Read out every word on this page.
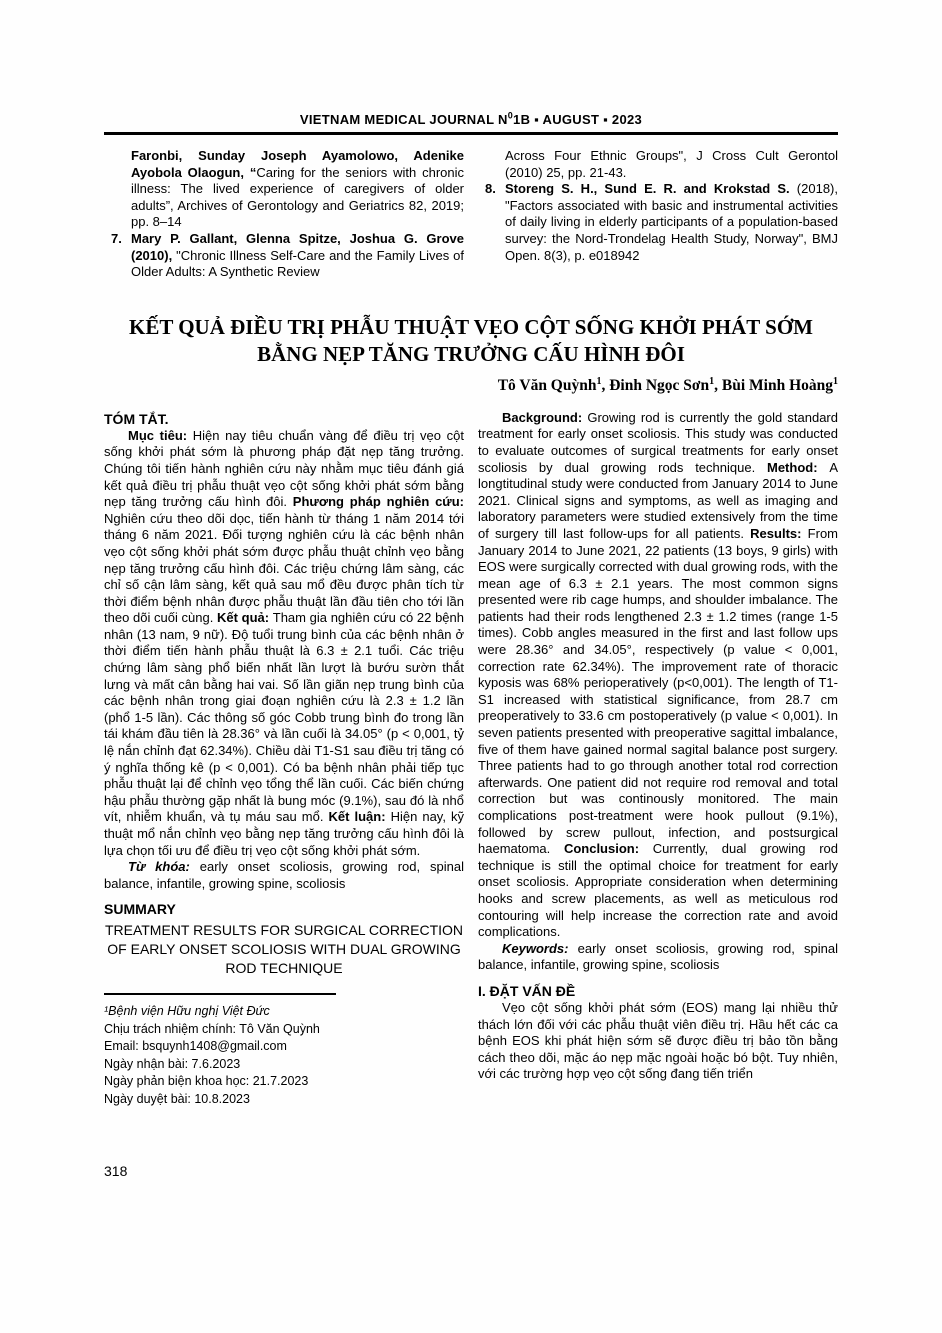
VIETNAM MEDICAL JOURNAL $N^01B$ ▪ AUGUST ▪ 2023
Faronbi, Sunday Joseph Ayamolowo, Adenike Ayobola Olaogun, “Caring for the seniors with chronic illness: The lived experience of caregivers of older adults”, Archives of Gerontology and Geriatrics 82, 2019; pp. 8–14
7. Mary P. Gallant, Glenna Spitze, Joshua G. Grove (2010), "Chronic Illness Self-Care and the Family Lives of Older Adults: A Synthetic Review
Across Four Ethnic Groups", J Cross Cult Gerontol (2010) 25, pp. 21-43.
8. Storeng S. H., Sund E. R. and Krokstad S. (2018), "Factors associated with basic and instrumental activities of daily living in elderly participants of a population-based survey: the Nord-Trondelag Health Study, Norway", BMJ Open. 8(3), p. e018942
KẾT QUẢ ĐIỀU TRỊ PHẪU THUẬT VẸO CỘT SỐNG KHỞI PHÁT SỚM
BẰNG NẸP TĂNG TRƯỞNG CẤU HÌNH ĐÔI
Tô Văn Quỳnh$^1$, Đinh Ngọc Sơn$^1$, Bùi Minh Hoàng$^1$
TÓM TẮT.
Mục tiêu: Hiện nay tiêu chuẩn vàng để điều trị vẹo cột sống khởi phát sớm là phương pháp đặt nẹp tăng trưởng. Chúng tôi tiến hành nghiên cứu này nhằm mục tiêu đánh giá kết quả điều trị phẫu thuật vẹo cột sống khởi phát sớm bằng nẹp tăng trưởng cấu hình đôi. Phương pháp nghiên cứu: Nghiên cứu theo dõi dọc, tiến hành từ tháng 1 năm 2014 tới tháng 6 năm 2021. Đối tượng nghiên cứu là các bệnh nhân vẹo cột sống khởi phát sớm được phẫu thuật chỉnh vẹo bằng nẹp tăng trưởng cấu hình đôi. Các triệu chứng lâm sàng, các chỉ số cận lâm sàng, kết quả sau mổ đều được phân tích từ thời điểm bệnh nhân được phẫu thuật lần đầu tiên cho tới lần theo dõi cuối cùng. Kết quả: Tham gia nghiên cứu có 22 bệnh nhân (13 nam, 9 nữ). Độ tuổi trung bình của các bệnh nhân ở thời điểm tiến hành phẫu thuật là 6.3 ± 2.1 tuổi. Các triệu chứng lâm sàng phổ biến nhất lần lượt là bướu sườn thắt lưng và mất cân bằng hai vai. Số lần giãn nẹp trung bình của các bệnh nhân trong giai đoạn nghiên cứu là 2.3 ± 1.2 lần (phổ 1-5 lần). Các thông số góc Cobb trung bình đo trong lần tái khám đầu tiên là 28.36° và lần cuối là 34.05° (p < 0,001, tỷ lệ nắn chỉnh đạt 62.34%). Chiều dài T1-S1 sau điều trị tăng có ý nghĩa thống kê (p < 0,001). Có ba bệnh nhân phải tiếp tục phẫu thuật lại để chỉnh vẹo tổng thể lần cuối. Các biến chứng hậu phẫu thường gặp nhất là bung móc (9.1%), sau đó là nhổ vít, nhiễm khuẩn, và tụ máu sau mổ. Kết luận: Hiện nay, kỹ thuật mổ nắn chỉnh vẹo bằng nẹp tăng trưởng cấu hình đôi là lựa chọn tối ưu để điều trị vẹo cột sống khởi phát sớm.
Từ khóa: early onset scoliosis, growing rod, spinal balance, infantile, growing spine, scoliosis
SUMMARY
TREATMENT RESULTS FOR SURGICAL CORRECTION OF EARLY ONSET SCOLIOSIS WITH DUAL GROWING ROD TECHNIQUE
¹Bệnh viện Hữu nghị Việt Đức
Chịu trách nhiệm chính: Tô Văn Quỳnh
Email: bsquynh1408@gmail.com
Ngày nhận bài: 7.6.2023
Ngày phản biện khoa học: 21.7.2023
Ngày duyệt bài: 10.8.2023
Background: Growing rod is currently the gold standard treatment for early onset scoliosis. This study was conducted to evaluate outcomes of surgical treatments for early onset scoliosis by dual growing rods technique. Method: A longtitudinal study were conducted from January 2014 to June 2021. Clinical signs and symptoms, as well as imaging and laboratory parameters were studied extensively from the time of surgery till last follow-ups for all patients. Results: From January 2014 to June 2021, 22 patients (13 boys, 9 girls) with EOS were surgically corrected with dual growing rods, with the mean age of 6.3 ± 2.1 years. The most common signs presented were rib cage humps, and shoulder imbalance. The patients had their rods lengthened 2.3 ± 1.2 times (range 1-5 times). Cobb angles measured in the first and last follow ups were 28.36° and 34.05°, respectively (p value < 0,001, correction rate 62.34%). The improvement rate of thoracic kyposis was 68% perioperatively (p<0,001). The length of T1-S1 increased with statistical significance, from 28.7 cm preoperatively to 33.6 cm postoperatively (p value < 0,001). In seven patients presented with preoperative sagittal imbalance, five of them have gained normal sagital balance post surgery. Three patients had to go through another total rod correction afterwards. One patient did not require rod removal and total correction but was continously monitored. The main complications post-treatment were hook pullout (9.1%), followed by screw pullout, infection, and postsurgical haematoma. Conclusion: Currently, dual growing rod technique is still the optimal choice for treatment for early onset scoliosis. Appropriate consideration when determining hooks and screw placements, as well as meticulous rod contouring will help increase the correction rate and avoid complications.
Keywords: early onset scoliosis, growing rod, spinal balance, infantile, growing spine, scoliosis
I. ĐẶT VẤN ĐỀ
Vẹo cột sống khởi phát sớm (EOS) mang lại nhiều thử thách lớn đối với các phẫu thuật viên điều trị. Hầu hết các ca bệnh EOS khi phát hiện sớm sẽ được điều trị bảo tồn bằng cách theo dõi, mặc áo nẹp mặc ngoài hoặc bó bột. Tuy nhiên, với các trường hợp vẹo cột sống đang tiến triển
318
